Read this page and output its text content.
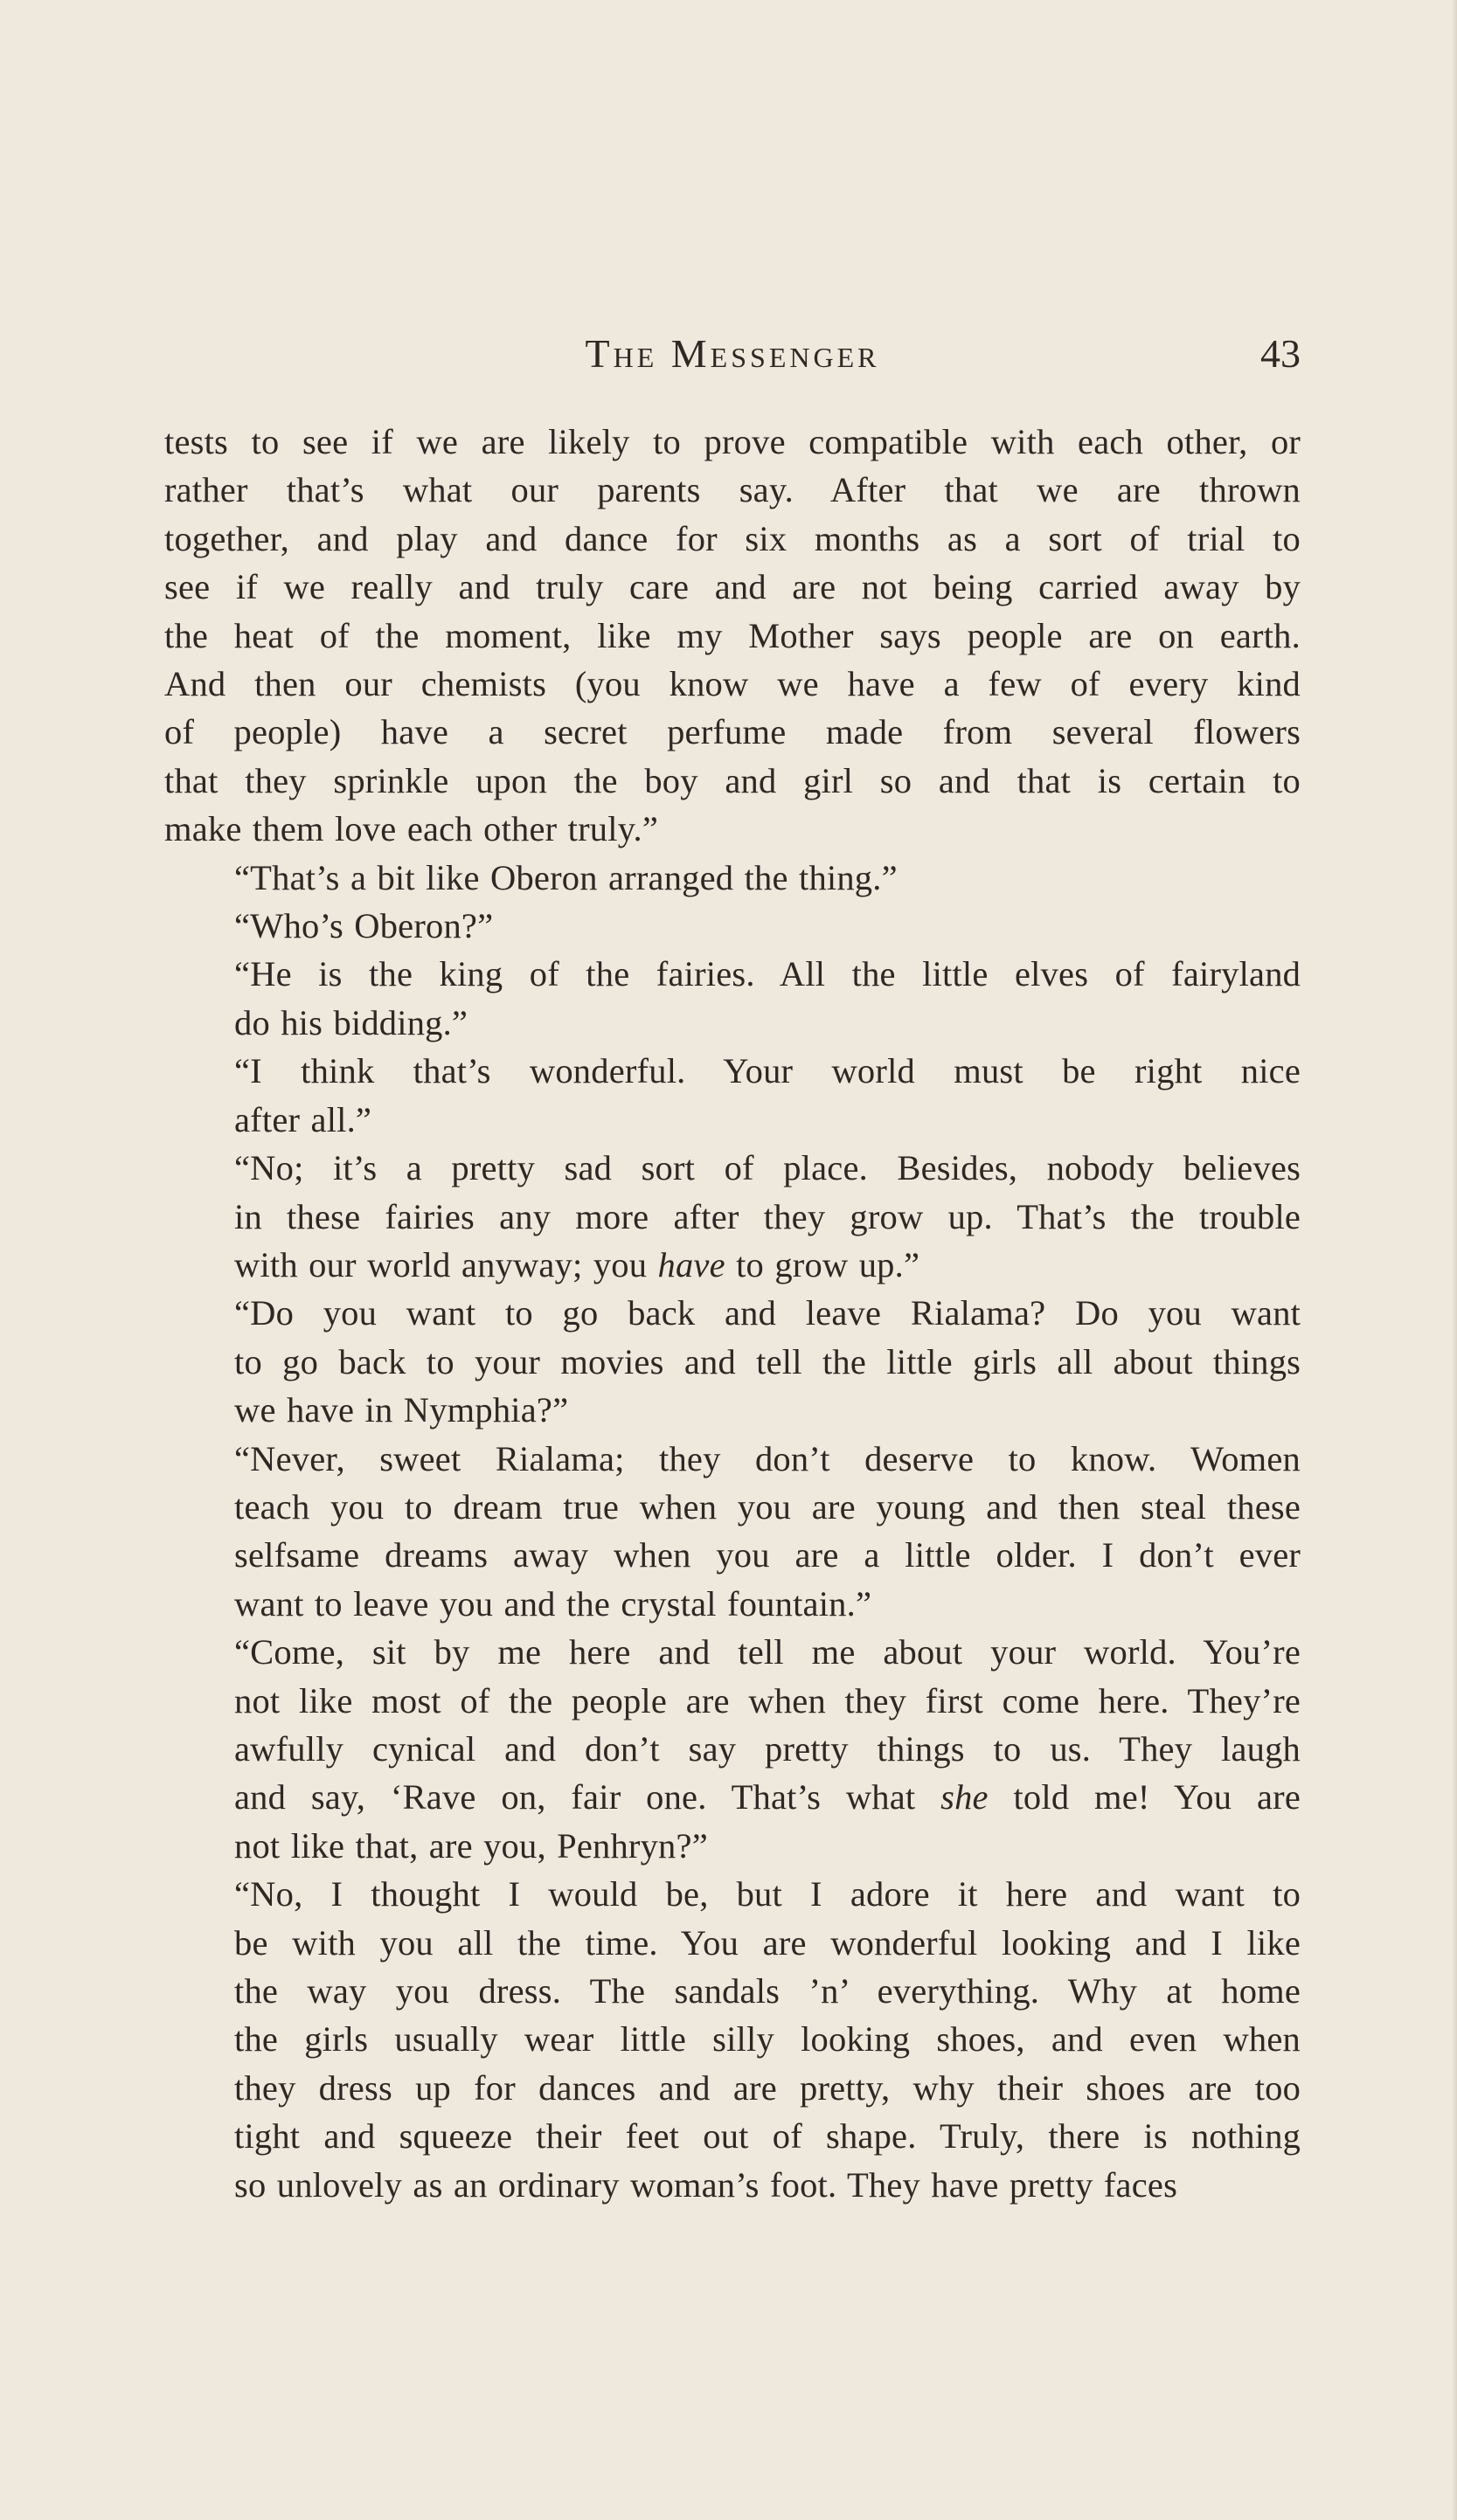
The Messenger	43
tests to see if we are likely to prove compatible with each other, or
rather that’s what our parents say. After that we are thrown
together, and play and dance for six months as a sort of trial to
see if we really and truly care and are not being carried away by
the heat of the moment, like my Mother says people are on earth.
And then our chemists (you know we have a few of every kind
of people) have a secret perfume made from several flowers
that they sprinkle upon the boy and girl so and that is certain to
make them love each other truly.”
“That’s a bit like Oberon arranged the thing.”
“Who’s Oberon?”
“He is the king of the fairies. All the little elves of fairyland
do his bidding.”
“I think that’s wonderful. Your world must be right nice
after all.”
“No; it’s a pretty sad sort of place. Besides, nobody believes
in these fairies any more after they grow up. That’s the trouble
with our world anyway; you have to grow up.”
“Do you want to go back and leave Rialama? Do you want
to go back to your movies and tell the little girls all about things
we have in Nymphia?”
“Never, sweet Rialama; they don’t deserve to know. Women
teach you to dream true when you are young and then steal these
selfsame dreams away when you are a little older. I don’t ever
want to leave you and the crystal fountain.”
“Come, sit by me here and tell me about your world. You’re
not like most of the people are when they first come here. They’re
awfully cynical and don’t say pretty things to us. They laugh
and say, ‘Rave on, fair one. That’s what she told me! You are
not like that, are you, Penhryn?”
“No, I thought I would be, but I adore it here and want to
be with you all the time. You are wonderful looking and I like
the way you dress. The sandals ’n’ everything. Why at home
the girls usually wear little silly looking shoes, and even when
they dress up for dances and are pretty, why their shoes are too
tight and squeeze their feet out of shape. Truly, there is nothing
so unlovely as an ordinary woman’s foot. They have pretty faces
